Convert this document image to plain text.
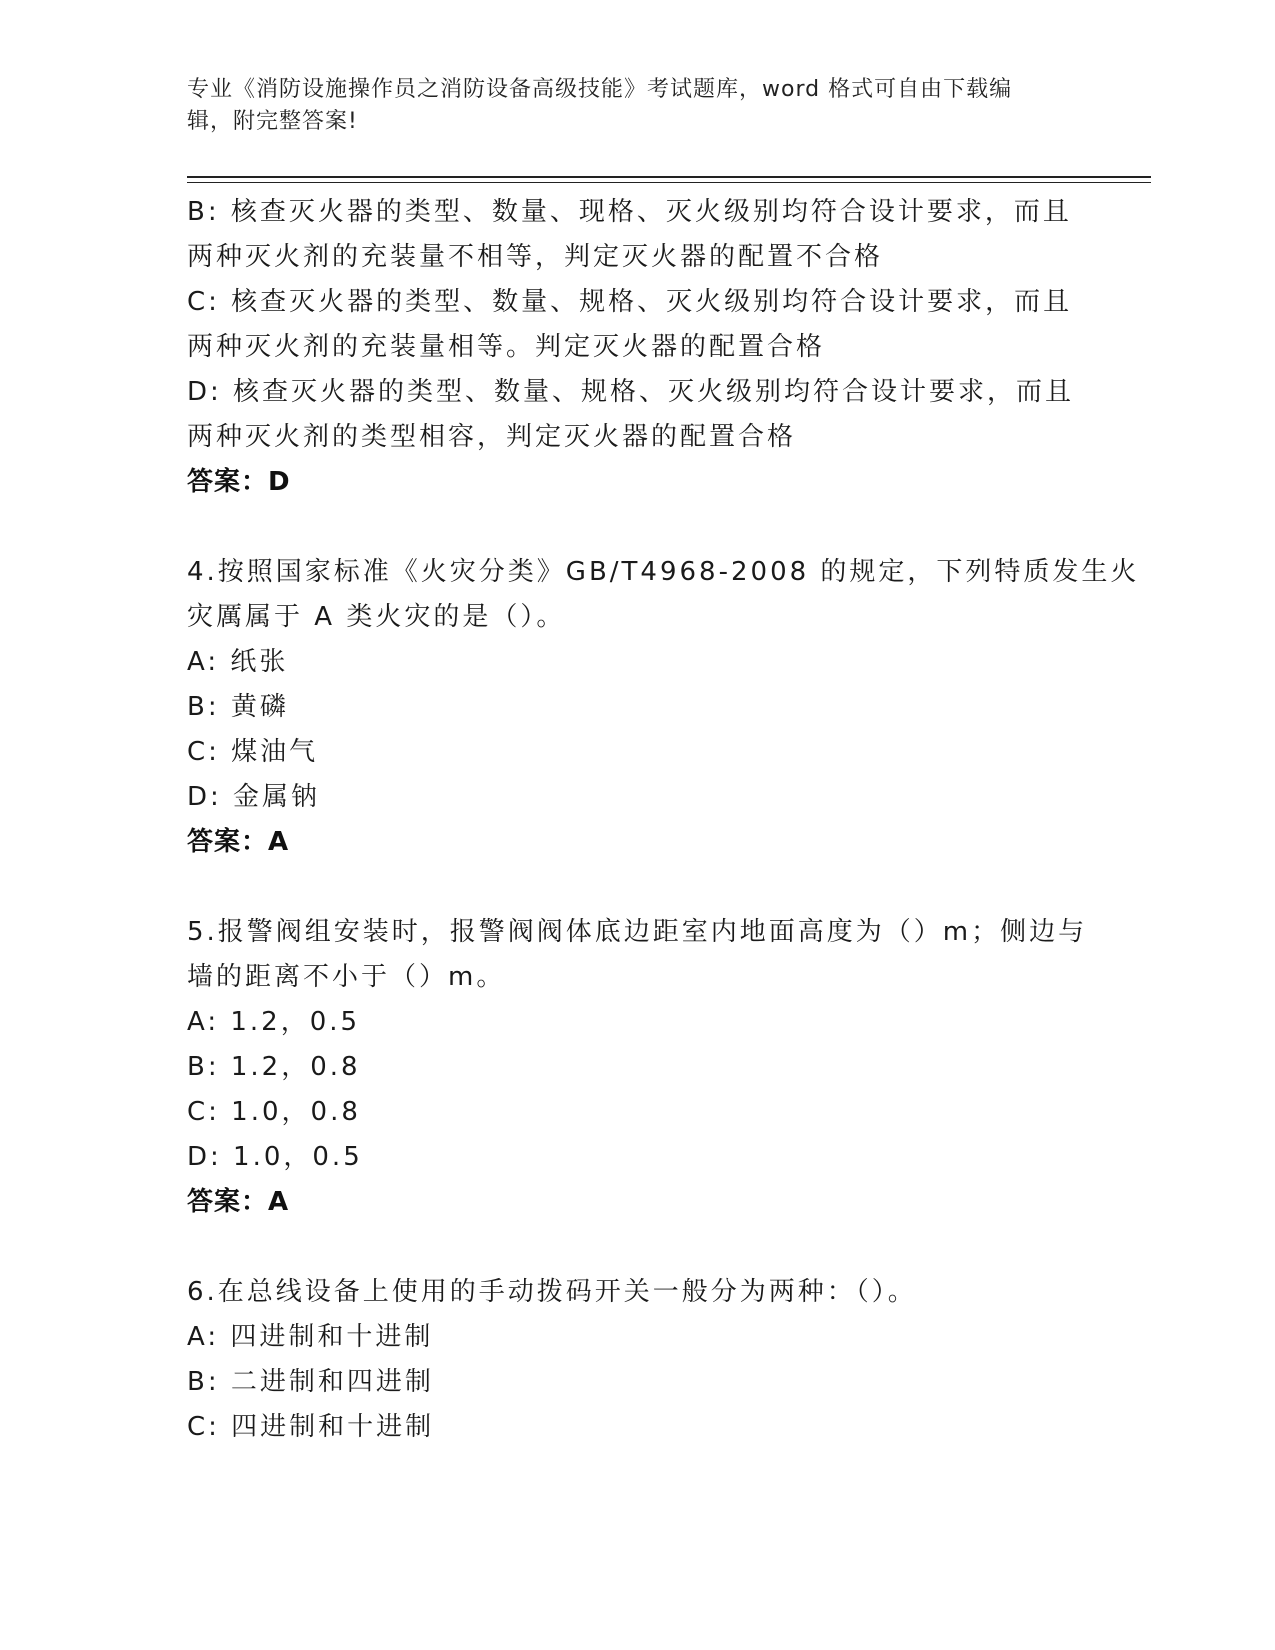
专业《消防设施操作员之消防设备高级技能》考试题库，word 格式可自由下载编
辑，附完整答案!
B: 核查灭火器的类型、数量、现格、灭火级别均符合设计要求，而且
两种灭火剂的充装量不相等，判定灭火器的配置不合格
C: 核查灭火器的类型、数量、规格、灭火级别均符合设计要求，而且
两种灭火剂的充装量相等。判定灭火器的配置合格
D: 核查灭火器的类型、数量、规格、灭火级别均符合设计要求，而且
两种灭火剂的类型相容，判定灭火器的配置合格
答案：D
4.按照国家标准《火灾分类》GB/T4968-2008 的规定，下列特质发生火
灾厲属于 A 类火灾的是（）。
A: 纸张
B: 黄磷
C: 煤油气
D: 金属钠
答案：A
5.报警阀组安装时，报警阀阀体底边距室内地面高度为（）m；侧边与
墙的距离不小于（）m。
A: 1.2，0.5
B: 1.2，0.8
C: 1.0，0.8
D: 1.0，0.5
答案：A
6.在总线设备上使用的手动拨码开关一般分为两种：（）。
A: 四进制和十进制
B: 二进制和四进制
C: 四进制和十进制
